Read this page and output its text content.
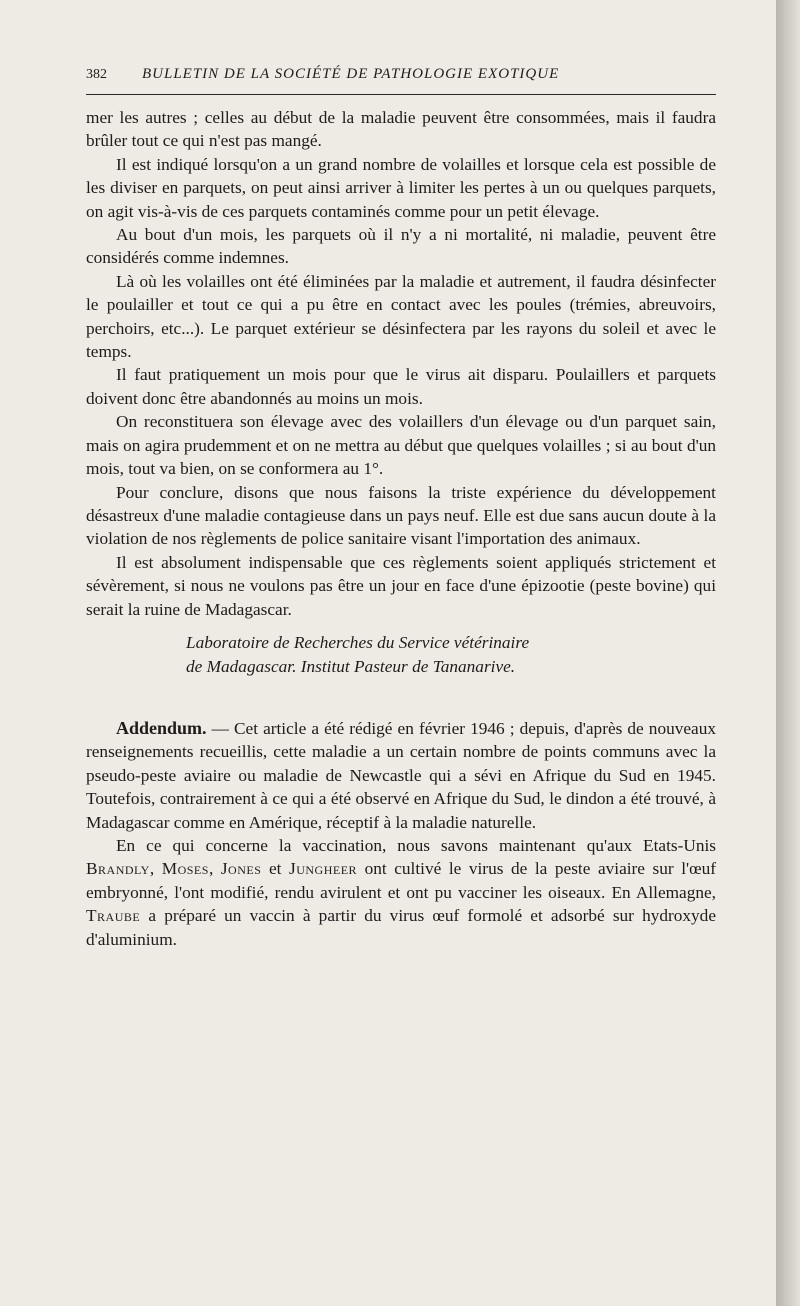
382	BULLETIN DE LA SOCIÉTÉ DE PATHOLOGIE EXOTIQUE

mer les autres ; celles au début de la maladie peuvent être consommées, mais il faudra brûler tout ce qui n'est pas mangé.

Il est indiqué lorsqu'on a un grand nombre de volailles et lorsque cela est possible de les diviser en parquets, on peut ainsi arriver à limiter les pertes à un ou quelques parquets, on agit vis-à-vis de ces parquets contaminés comme pour un petit élevage.

Au bout d'un mois, les parquets où il n'y a ni mortalité, ni maladie, peuvent être considérés comme indemnes.

Là où les volailles ont été éliminées par la maladie et autrement, il faudra désinfecter le poulailler et tout ce qui a pu être en contact avec les poules (trémies, abreuvoirs, perchoirs, etc...). Le parquet extérieur se désinfectera par les rayons du soleil et avec le temps.

Il faut pratiquement un mois pour que le virus ait disparu. Poulaillers et parquets doivent donc être abandonnés au moins un mois.

On reconstituera son élevage avec des volaillers d'un élevage ou d'un parquet sain, mais on agira prudemment et on ne mettra au début que quelques volailles ; si au bout d'un mois, tout va bien, on se conformera au 1°.

Pour conclure, disons que nous faisons la triste expérience du développement désastreux d'une maladie contagieuse dans un pays neuf. Elle est due sans aucun doute à la violation de nos règlements de police sanitaire visant l'importation des animaux.

Il est absolument indispensable que ces règlements soient appliqués strictement et sévèrement, si nous ne voulons pas être un jour en face d'une épizootie (peste bovine) qui serait la ruine de Madagascar.

Laboratoire de Recherches du Service vétérinaire
de Madagascar. Institut Pasteur de Tananarive.

Addendum. — Cet article a été rédigé en février 1946 ; depuis, d'après de nouveaux renseignements recueillis, cette maladie a un certain nombre de points communs avec la pseudo-peste aviaire ou maladie de Newcastle qui a sévi en Afrique du Sud en 1945. Toutefois, contrairement à ce qui a été observé en Afrique du Sud, le dindon a été trouvé, à Madagascar comme en Amérique, réceptif à la maladie naturelle.

En ce qui concerne la vaccination, nous savons maintenant qu'aux Etats-Unis Brandly, Moses, Jones et Jungheer ont cultivé le virus de la peste aviaire sur l'œuf embryonné, l'ont modifié, rendu avirulent et ont pu vacciner les oiseaux. En Allemagne, Traube a préparé un vaccin à partir du virus œuf formolé et adsorbé sur hydroxyde d'aluminium.
